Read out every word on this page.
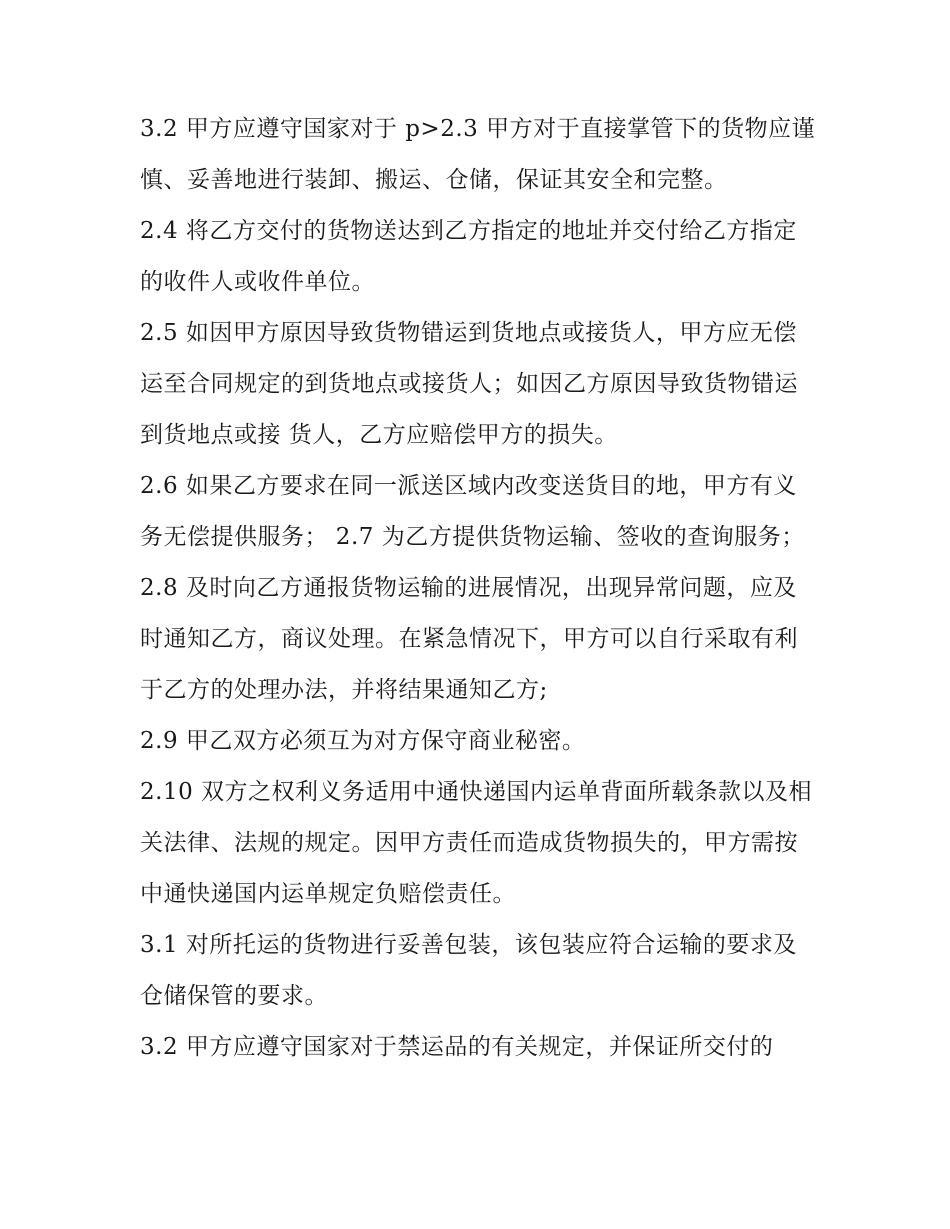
3.2 甲方应遵守国家对于 p>2.3 甲方对于直接掌管下的货物应谨慎、妥善地进行装卸、搬运、仓储，保证其安全和完整。

2.4 将乙方交付的货物送达到乙方指定的地址并交付给乙方指定的收件人或收件单位。

2.5 如因甲方原因导致货物错运到货地点或接货人，甲方应无偿运至合同规定的到货地点或接货人；如因乙方原因导致货物错运到货地点或接 货人，乙方应赔偿甲方的损失。

2.6 如果乙方要求在同一派送区域内改变送货目的地，甲方有义务无偿提供服务； 2.7 为乙方提供货物运输、签收的查询服务；

2.8 及时向乙方通报货物运输的进展情况，出现异常问题，应及时通知乙方，商议处理。在紧急情况下，甲方可以自行采取有利于乙方的处理办法，并将结果通知乙方;

2.9 甲乙双方必须互为对方保守商业秘密。

2.10 双方之权利义务适用中通快递国内运单背面所载条款以及相关法律、法规的规定。因甲方责任而造成货物损失的，甲方需按中通快递国内运单规定负赔偿责任。

3.1 对所托运的货物进行妥善包装，该包装应符合运输的要求及仓储保管的要求。

3.2 甲方应遵守国家对于禁运品的有关规定，并保证所交付的
